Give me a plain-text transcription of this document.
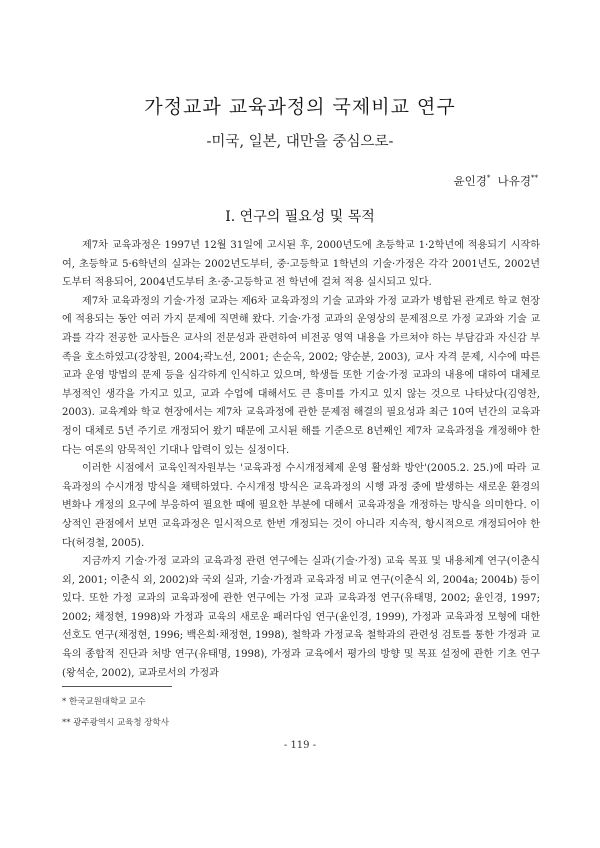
가정교과 교육과정의 국제비교 연구
-미국, 일본, 대만을 중심으로-
윤인경* 나유경**
Ⅰ. 연구의 필요성 및 목적

제7차 교육과정은 1997년 12월 31일에 고시된 후, 2000년도에 초등학교 1·2학년에 적용되기 시작하여, 초등학교 5·6학년의 실과는 2002년도부터, 중·고등학교 1학년의 기술·가정은 각각 2001년도, 2002년도부터 적용되어, 2004년도부터 초·중·고등학교 전 학년에 걸쳐 적용 실시되고 있다.

제7차 교육과정의 기술·가정 교과는 제6차 교육과정의 기술 교과와 가정 교과가 병합된 관계로 학교 현장에 적용되는 동안 여러 가지 문제에 직면해 왔다. 기술·가정 교과의 운영상의 문제점으로 가정 교과와 기술 교과를 각각 전공한 교사들은 교사의 전문성과 관련하여 비전공 영역 내용을 가르쳐야 하는 부담감과 자신감 부족을 호소하였고(강창원, 2004;곽노선, 2001; 손순옥, 2002; 양순분, 2003), 교사 자격 문제, 시수에 따른 교과 운영 방법의 문제 등을 심각하게 인식하고 있으며, 학생들 또한 기술·가정 교과의 내용에 대하여 대체로 부정적인 생각을 가지고 있고, 교과 수업에 대해서도 큰 흥미를 가지고 있지 않는 것으로 나타났다(김영찬, 2003). 교육계와 학교 현장에서는 제7차 교육과정에 관한 문제점 해결의 필요성과 최근 10여 년간의 교육과정이 대체로 5년 주기로 개정되어 왔기 때문에 고시된 해를 기준으로 8년째인 제7차 교육과정을 개정해야 한다는 여론의 암묵적인 기대나 압력이 있는 실정이다.

이러한 시점에서 교육인적자원부는 '교육과정 수시개정체제 운영 활성화 방안'(2005.2. 25.)에 따라 교육과정의 수시개정 방식을 채택하였다. 수시개정 방식은 교육과정의 시행 과정 중에 발생하는 새로운 환경의 변화나 개정의 요구에 부응하여 필요한 때에 필요한 부분에 대해서 교육과정을 개정하는 방식을 의미한다. 이상적인 관점에서 보면 교육과정은 일시적으로 한번 개정되는 것이 아니라 지속적, 항시적으로 개정되어야 한다(허경철, 2005).

지금까지 기술·가정 교과의 교육과정 관련 연구에는 실과(기술·가정) 교육 목표 및 내용체계 연구(이춘식 외, 2001; 이춘식 외, 2002)와 국외 실과, 기술·가정과 교육과정 비교 연구(이춘식 외, 2004a; 2004b) 등이 있다. 또한 가정 교과의 교육과정에 관한 연구에는 가정 교과 교육과정 연구(유태명, 2002; 윤인경, 1997; 2002; 채정현, 1998)와 가정과 교육의 새로운 패러다임 연구(윤인경, 1999), 가정과 교육과정 모형에 대한 선호도 연구(채정현, 1996; 백은희·채정현, 1998), 철학과 가정교육 철학과의 관련성 검토를 통한 가정과 교육의 종합적 진단과 처방 연구(유태명, 1998), 가정과 교육에서 평가의 방향 및 목표 설정에 관한 기초 연구(왕석순, 2002), 교과로서의 가정과

* 한국교원대학교 교수
** 광주광역시 교육청 장학사
- 119 -
